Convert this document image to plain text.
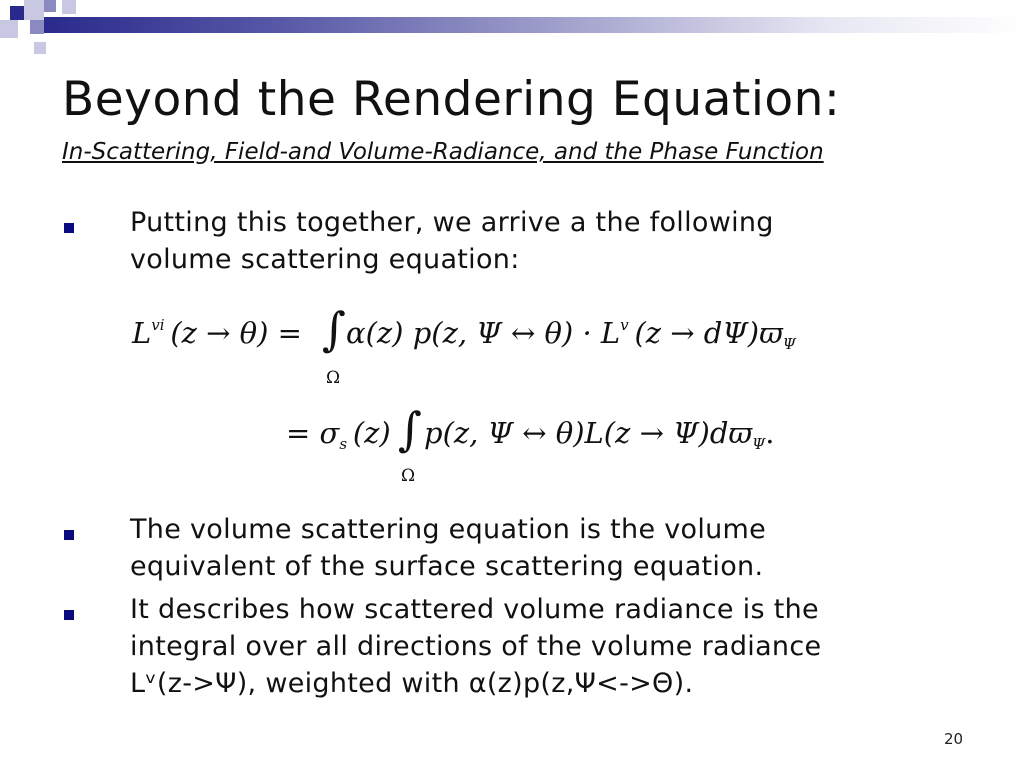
Beyond the Rendering Equation:
In-Scattering, Field-and Volume-Radiance, and the Phase Function
Putting this together, we arrive a the following
volume scattering equation:
$L^{vi}$  (z → θ) = ∫
Ω
α(z) p(z, Ψ ↔ $\theta) \cdot L^v$  $(z \to d\Psi)ϖ_\Psi$
= $\sigma_s$  (z) ∫
Ω
p(z, Ψ ↔ $\theta)L(z \to \Psi)dϖ_\Psi$.
The volume scattering equation is the volume
equivalent of the surface scattering equation.
It describes how scattered volume radiance is the
integral over all directions of the volume radiance
Lᵛ(z->Ψ), weighted with α(z)p(z,Ψ<->Θ).
20
